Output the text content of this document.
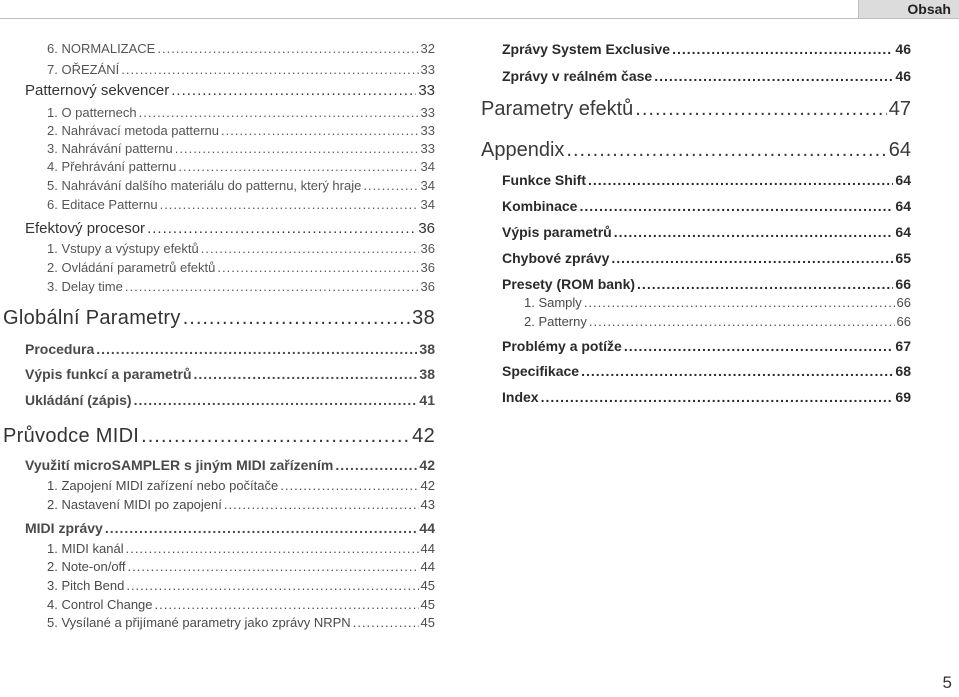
Obsah
6. NORMALIZACE .....	32
7. OŘEZÁNÍ .....	33
Patternový sekvencer .....	33
1. O patternech .....	33
2. Nahrávací metoda patternu .....	33
3. Nahrávání patternu .....	33
4. Přehrávání patternu .....	34
5. Nahrávání dalšího materiálu do patternu, který hraje .....	34
6. Editace Patternu .....	34
Efektový procesor .....	36
1. Vstupy a výstupy efektů .....	36
2. Ovládání parametrů efektů .....	36
3. Delay time .....	36
Globální Parametry .....	38
Procedura .....	38
Výpis funkcí a parametrů .....	38
Ukládání (zápis) .....	41
Průvodce MIDI .....	42
Využití microSAMPLER s jiným MIDI zařízením .....	42
1. Zapojení MIDI zařízení nebo počítače .....	42
2. Nastavení MIDI po zapojení .....	43
MIDI zprávy .....	44
1. MIDI kanál .....	44
2. Note-on/off .....	44
3. Pitch Bend .....	45
4. Control Change .....	45
5. Vysílané a přijímané parametry jako zprávy NRPN .....	45
Zprávy System Exclusive .....	46
Zprávy v reálném čase .....	46
Parametry efektů .....	47
Appendix .....	64
Funkce Shift .....	64
Kombinace .....	64
Výpis parametrů .....	64
Chybové zprávy .....	65
Presety (ROM bank) .....	66
1. Samply .....	66
2. Patterny .....	66
Problémy a potíže .....	67
Specifikace .....	68
Index .....	69
5
